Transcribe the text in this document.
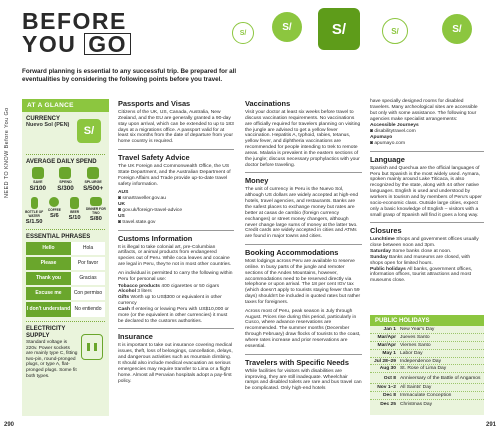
NEED TO KNOW Before You Go
BEFORE
YOU GO	S/
S/	S/	S/	S/
Forward planning is essential to any successful trip. Be prepared for all eventualities by considering the following points before you travel.
AT A GLANCE
CURRENCY
Nuevo Sol (PEN)	S/
AVERAGE DAILY SPEND
SAVE
S/100
SPEND
S/300
SPLURGE
S/500+
BOTTLE OF WATER
S/1.50
COFFEE
S/6
BEER
S/10
DINNER FOR TWO
S/80
ESSENTIAL PHRASES
Hello	Hola
Please	Por favor
Thank you	Gracias
Excuse me	Con permiso
I don't understand No entiendo
ELECTRICITY SUPPLY
Standard voltage is 220v. Power sockets are mainly type C, fitting two-pin, round-pronged plugs, or type A, flat-pronged plugs. Some fit both types.
Passports and Visas

Citizens of the UK, US, Canada, Australia, New Zealand, and the EU are generally granted a 90-day stay upon arrival, which can be extended to up to 183 days at a migrations office. A passport valid for at least six months from the date of departure from your home country is required.

Travel Safety Advice

The UK Foreign and Commonwealth Office, the US State Department, and the Australian Department of Foreign Affairs and Trade provide up-to-date travel safety information.

AUS
◙ smartraveller.gov.au
UK
◙ gov.uk/foreign-travel-advice
US
◙ travel.state.gov
Customs Information

It is illegal to take colonial art, pre-Columbian artifacts, or animal products from endangered species out of Peru. While coca leaves and cocaine are legal in Peru, they're not in most other countries.

An individual is permitted to carry the following within Peru for personal use:

Tobacco products 400 cigarettes or 50 cigars
Alcohol 3 liters
Gifts Worth up to US$300 or equivalent in other currency
Cash If entering or leaving Peru with US$10,000 or more (or the equivalent in other currencies) it must be declared to the customs authorities.
Insurance

It is important to take out insurance covering medical issues, theft, loss of belongings, cancellation, delays, and dangerous activities such as mountain climbing. It should also include medical evacuation as serious emergencies may require transfer to Lima or a flight home. Almost all Peruvian hospitals adopt a pay-first policy.

Vaccinations

Visit your doctor at least six weeks before travel to discuss vaccination requirements. No vaccinations are officially required for travelers planning on visiting the jungle are advised to get a yellow fever vaccination. Hepatitis A, typhoid, rabies, tetanus, yellow fever, and diphtheria vaccinations are recommended for people intending to trek to remote areas. Malaria is prevalent in the eastern sections of the jungle; discuss necessary prophylactics with your doctor before traveling.

Money

The unit of currency in Peru is the Nuevo Sol, although US dollars are widely accepted at high-end hotels, travel agencies, and restaurants. Banks are the safest places to exchange money but rates are better at casas de cambio (foreign currency exchanges) or street money changers, although never change large sums of money at the latter two. Credit cards are widely accepted in cities and ATMs are found in major towns and cities.

Booking Accommodations

Most lodgings across Peru are available to reserve online. In busy parts of the jungle and remoter sections of the Andes Mountains, however, accommodations need to be reserved directly via telephone or upon arrival. The 18 per cent IGV tax (which doesn't apply to tourists staying fewer than 59 days) shouldn't be included in quoted rates but rather taxes for foreigners.

Across most of Peru, peak season is July through August. Prices rise during this period, particularly in Cusco, where advance reservations are recommended. The summer months (December through February) draw flocks of tourists to the coast, where rates increase and prior reservations are essential.

Travelers with Specific Needs

While facilities for visitors with disabilities are improving, they are still inadequate. Wheelchair ramps and disabled toilets are rare and bus travel can be complicated. Only high-end hotels

have specially designed rooms for disabled travelers. Many archeological sites are accessible but only with some assistance. The following tour agencies make specialist arrangements:

Accessible Journeys
◙ disabilitytravel.com
Apumayo
◙ apumayo.com
Language

Spanish and Quechua are the official languages of Peru but Spanish is the most widely used. Aymara, spoken mainly around Lake Titicaca, is also recognized by the state, along with 44 other native languages. English is used and understood by workers in tourism and by members of Peru's upper socio-economic class. Outside large cities, expect only a basic knowledge of English – visitors with a small grasp of Spanish will find it goes a long way.

Closures
Lunchtime Shops and government offices usually close between noon and 3pm.
Saturday Some banks close at noon.
Sunday Banks and museums are closed, with shops open for limited hours.
Public holidays All banks, government offices, information offices, tourist attractions and most museums close.
PUBLIC HOLIDAYS
Jan 1 New Year's Day
Mar/Apr Jueves Santo
Mar/Apr Viernes Santo
May 1 Labor Day
Jul 28–29 Independence Day
Aug 30 St. Rose of Lima Day
Oct 8 Anniversary of the Battle of Angamos
Nov 1–2 All Saints' Day
Dec 8 Immaculate Conception
Dec 25 Christmas Day
290	291
